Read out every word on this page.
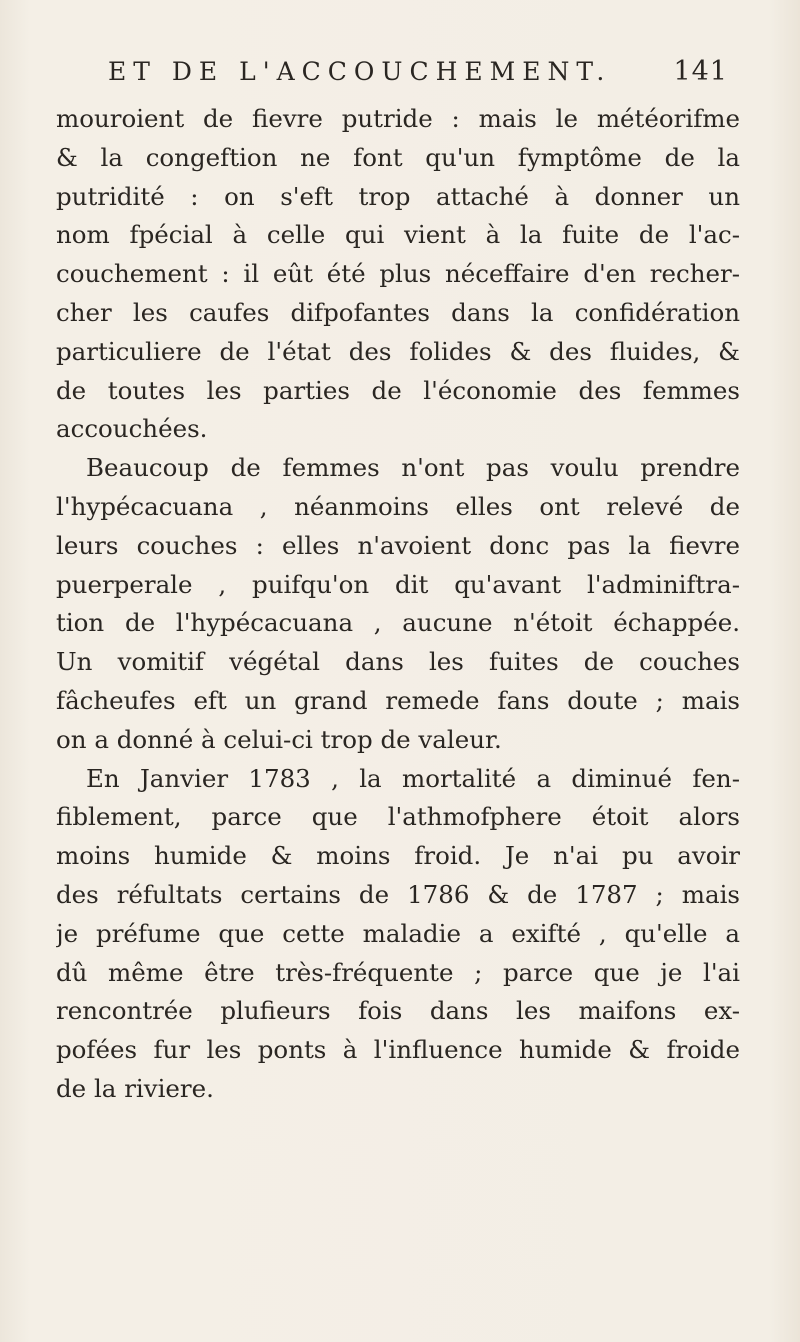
ET DE L'ACCOUCHEMENT. 141
mouroient de fievre putride : mais le météorifme
& la congeftion ne font qu'un fymptôme de la
putridité : on s'eft trop attaché à donner un
nom fpécial à celle qui vient à la fuite de l'ac-
couchement : il eût été plus néceffaire d'en recher-
cher les caufes difpofantes dans la confidération
particuliere de l'état des folides & des fluides, &
de toutes les parties de l'économie des femmes
accouchées.
Beaucoup de femmes n'ont pas voulu prendre
l'hypécacuana , néanmoins elles ont relevé de
leurs couches : elles n'avoient donc pas la fievre
puerperale , puifqu'on dit qu'avant l'adminiftra-
tion de l'hypécacuana , aucune n'étoit échappée.
Un vomitif végétal dans les fuites de couches
fâcheufes eft un grand remede fans doute ; mais
on a donné à celui-ci trop de valeur.
En Janvier 1783 , la mortalité a diminué fen-
fiblement, parce que l'athmofphere étoit alors
moins humide & moins froid. Je n'ai pu avoir
des réfultats certains de 1786 & de 1787 ; mais
je préfume que cette maladie a exifté , qu'elle a
dû même être très-fréquente ; parce que je l'ai
rencontrée plufieurs fois dans les maifons ex-
pofées fur les ponts à l'influence humide & froide
de la riviere.
